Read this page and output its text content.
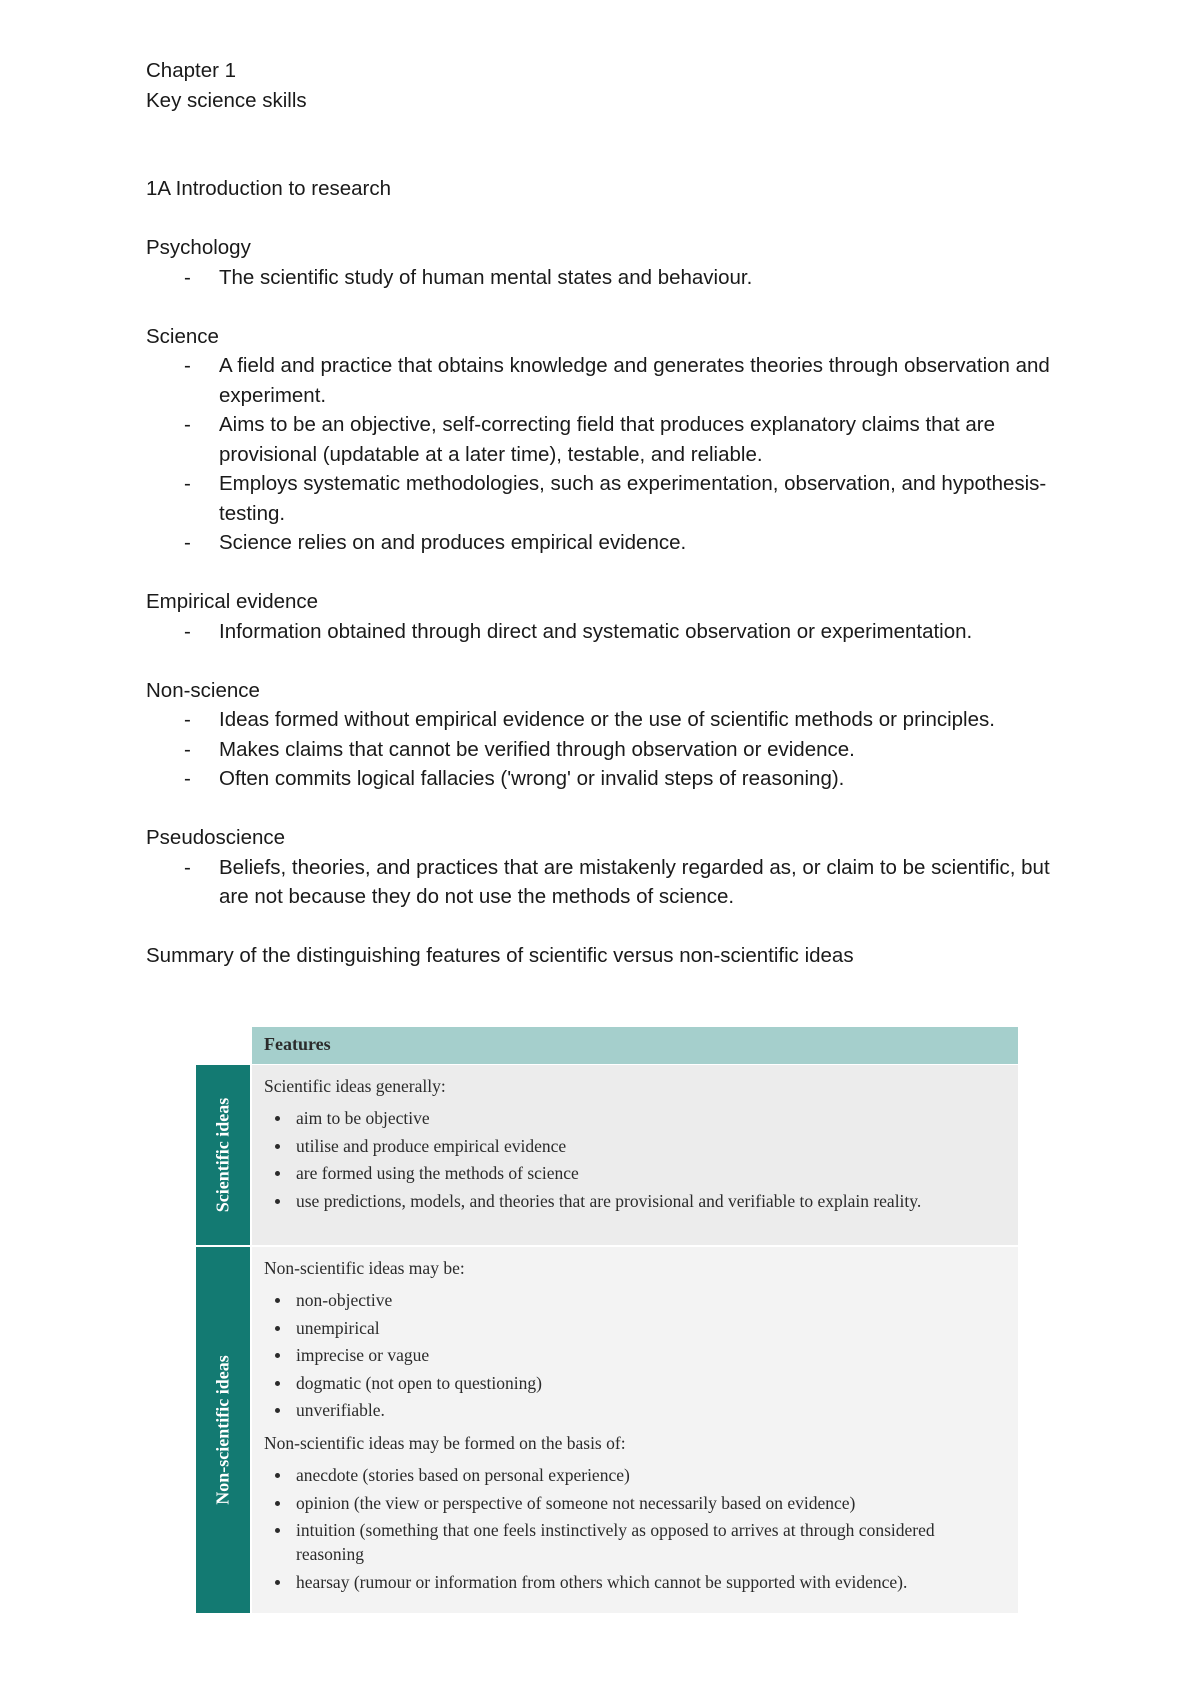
Chapter 1

Key science skills

1A Introduction to research

Psychology

- The scientific study of human mental states and behaviour.

Science

- A field and practice that obtains knowledge and generates theories through observation and experiment.
- Aims to be an objective, self-correcting field that produces explanatory claims that are provisional (updatable at a later time), testable, and reliable.
- Employs systematic methodologies, such as experimentation, observation, and hypothesis-testing.
- Science relies on and produces empirical evidence.

Empirical evidence

- Information obtained through direct and systematic observation or experimentation.

Non-science

- Ideas formed without empirical evidence or the use of scientific methods or principles.
- Makes claims that cannot be verified through observation or evidence.
- Often commits logical fallacies ('wrong' or invalid steps of reasoning).

Pseudoscience

- Beliefs, theories, and practices that are mistakenly regarded as, or claim to be scientific, but are not because they do not use the methods of science.

Summary of the distinguishing features of scientific versus non-scientific ideas

Features
Scientific ideas

Scientific ideas generally:

aim to be objective
utilise and produce empirical evidence
are formed using the methods of science
use predictions, models, and theories that are provisional and verifiable to explain reality.
Non-scientific ideas

Non-scientific ideas may be:

non-objective
unempirical
imprecise or vague
dogmatic (not open to questioning)
unverifiable.

Non-scientific ideas may be formed on the basis of:

anecdote (stories based on personal experience)
opinion (the view or perspective of someone not necessarily based on evidence)
intuition (something that one feels instinctively as opposed to arrives at through considered reasoning
hearsay (rumour or information from others which cannot be supported with evidence).
